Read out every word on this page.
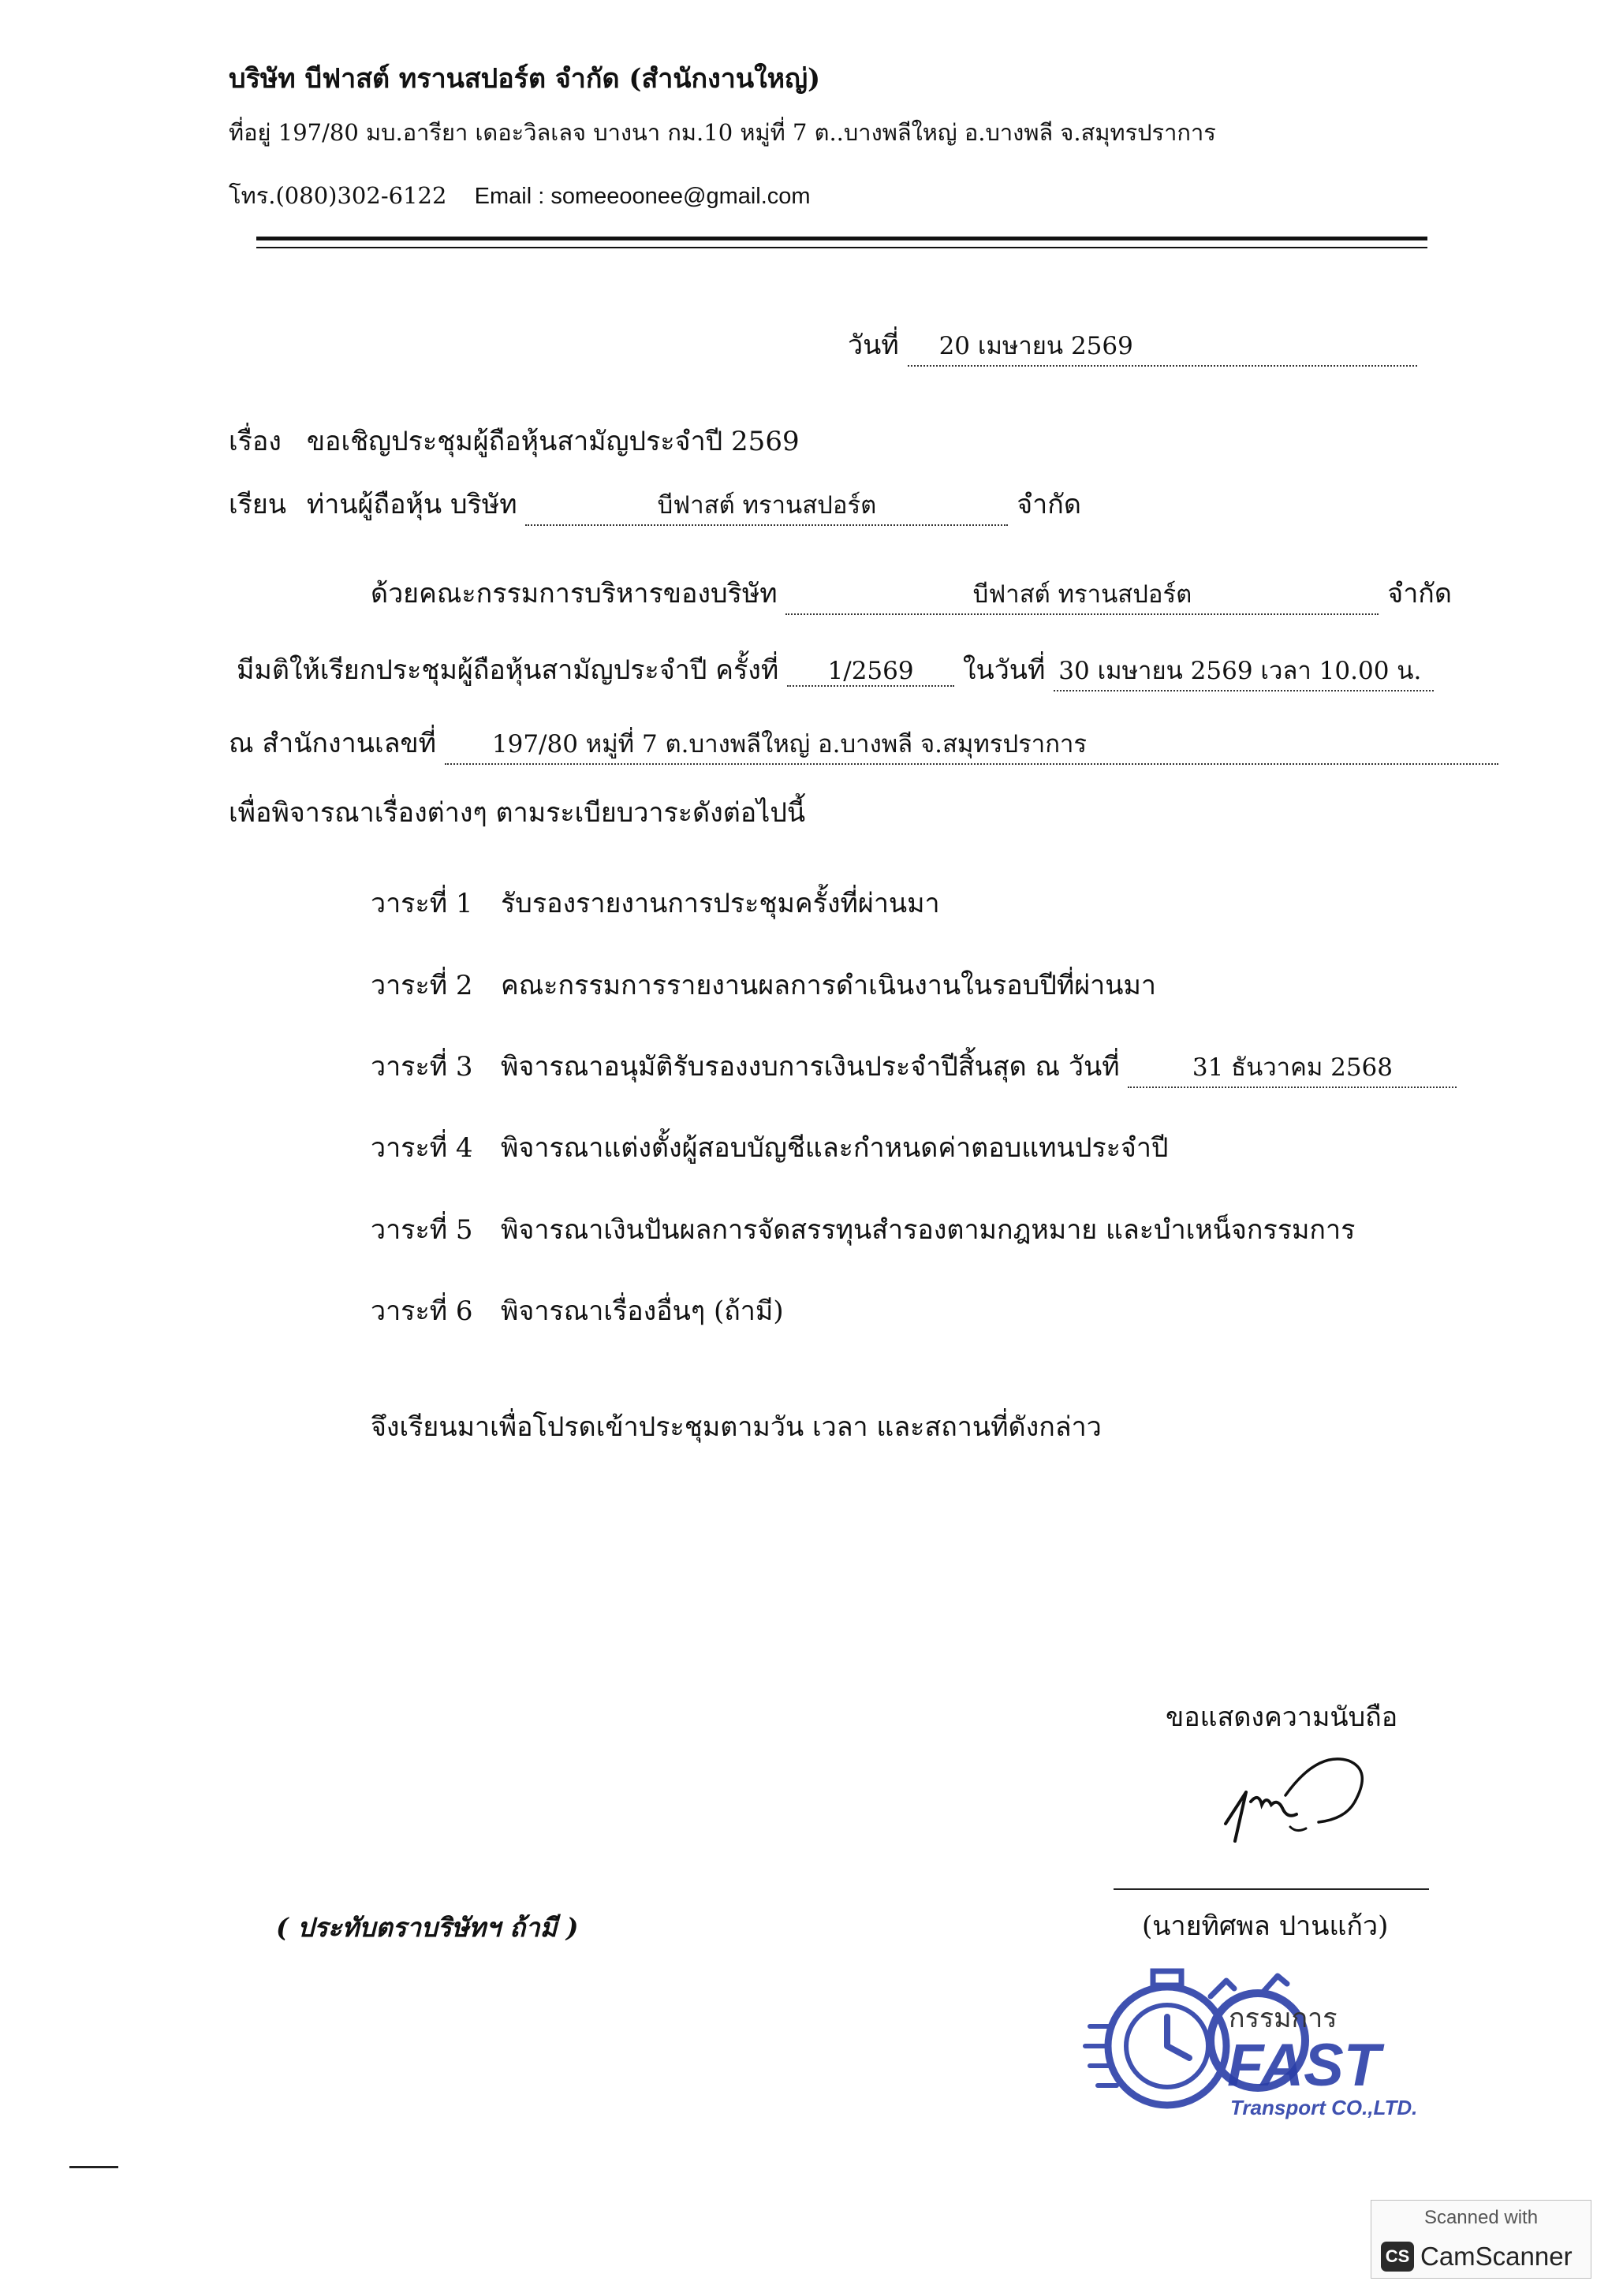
บริษัท บีฟาสต์ ทรานสปอร์ต จำกัด (สำนักงานใหญ่)
ที่อยู่ 197/80 มบ.อารียา เดอะวิลเลจ บางนา กม.10 หมู่ที่ 7 ต..บางพลีใหญ่ อ.บางพลี จ.สมุทรปราการ
โทร.(080)302-6122 Email : someeoonee@gmail.com
วันที่ 20 เมษายน 2569
เรื่อง ขอเชิญประชุมผู้ถือหุ้นสามัญประจำปี 2569
เรียน ท่านผู้ถือหุ้น บริษัท	บีฟาสต์ ทรานสปอร์ต	จำกัด
ด้วยคณะกรรมการบริหารของบริษัท	บีฟาสต์ ทรานสปอร์ต	จำกัด
มีมติให้เรียกประชุมผู้ถือหุ้นสามัญประจำปี ครั้งที่ 1/2569 ในวันที่ 30 เมษายน 2569 เวลา 10.00 น.
ณ สำนักงานเลขที่ 197/80 หมู่ที่ 7 ต.บางพลีใหญ่ อ.บางพลี จ.สมุทรปราการ
เพื่อพิจารณาเรื่องต่างๆ ตามระเบียบวาระดังต่อไปนี้
วาระที่ 1 รับรองรายงานการประชุมครั้งที่ผ่านมา
วาระที่ 2 คณะกรรมการรายงานผลการดำเนินงานในรอบปีที่ผ่านมา
วาระที่ 3 พิจารณาอนุมัติรับรองงบการเงินประจำปีสิ้นสุด ณ วันที่	31 ธันวาคม 2568
วาระที่ 4 พิจารณาแต่งตั้งผู้สอบบัญชีและกำหนดค่าตอบแทนประจำปี
วาระที่ 5 พิจารณาเงินปันผลการจัดสรรทุนสำรองตามกฎหมาย และบำเหน็จกรรมการ
วาระที่ 6 พิจารณาเรื่องอื่นๆ (ถ้ามี)
จึงเรียนมาเพื่อโปรดเข้าประชุมตามวัน เวลา และสถานที่ดังกล่าว
ขอแสดงความนับถือ
(นายทิศพล ปานแก้ว)
( ประทับตราบริษัทฯ ถ้ามี )
FAST
Transport CO.,LTD.
กรรมการ
Scanned with
CS CamScanner
